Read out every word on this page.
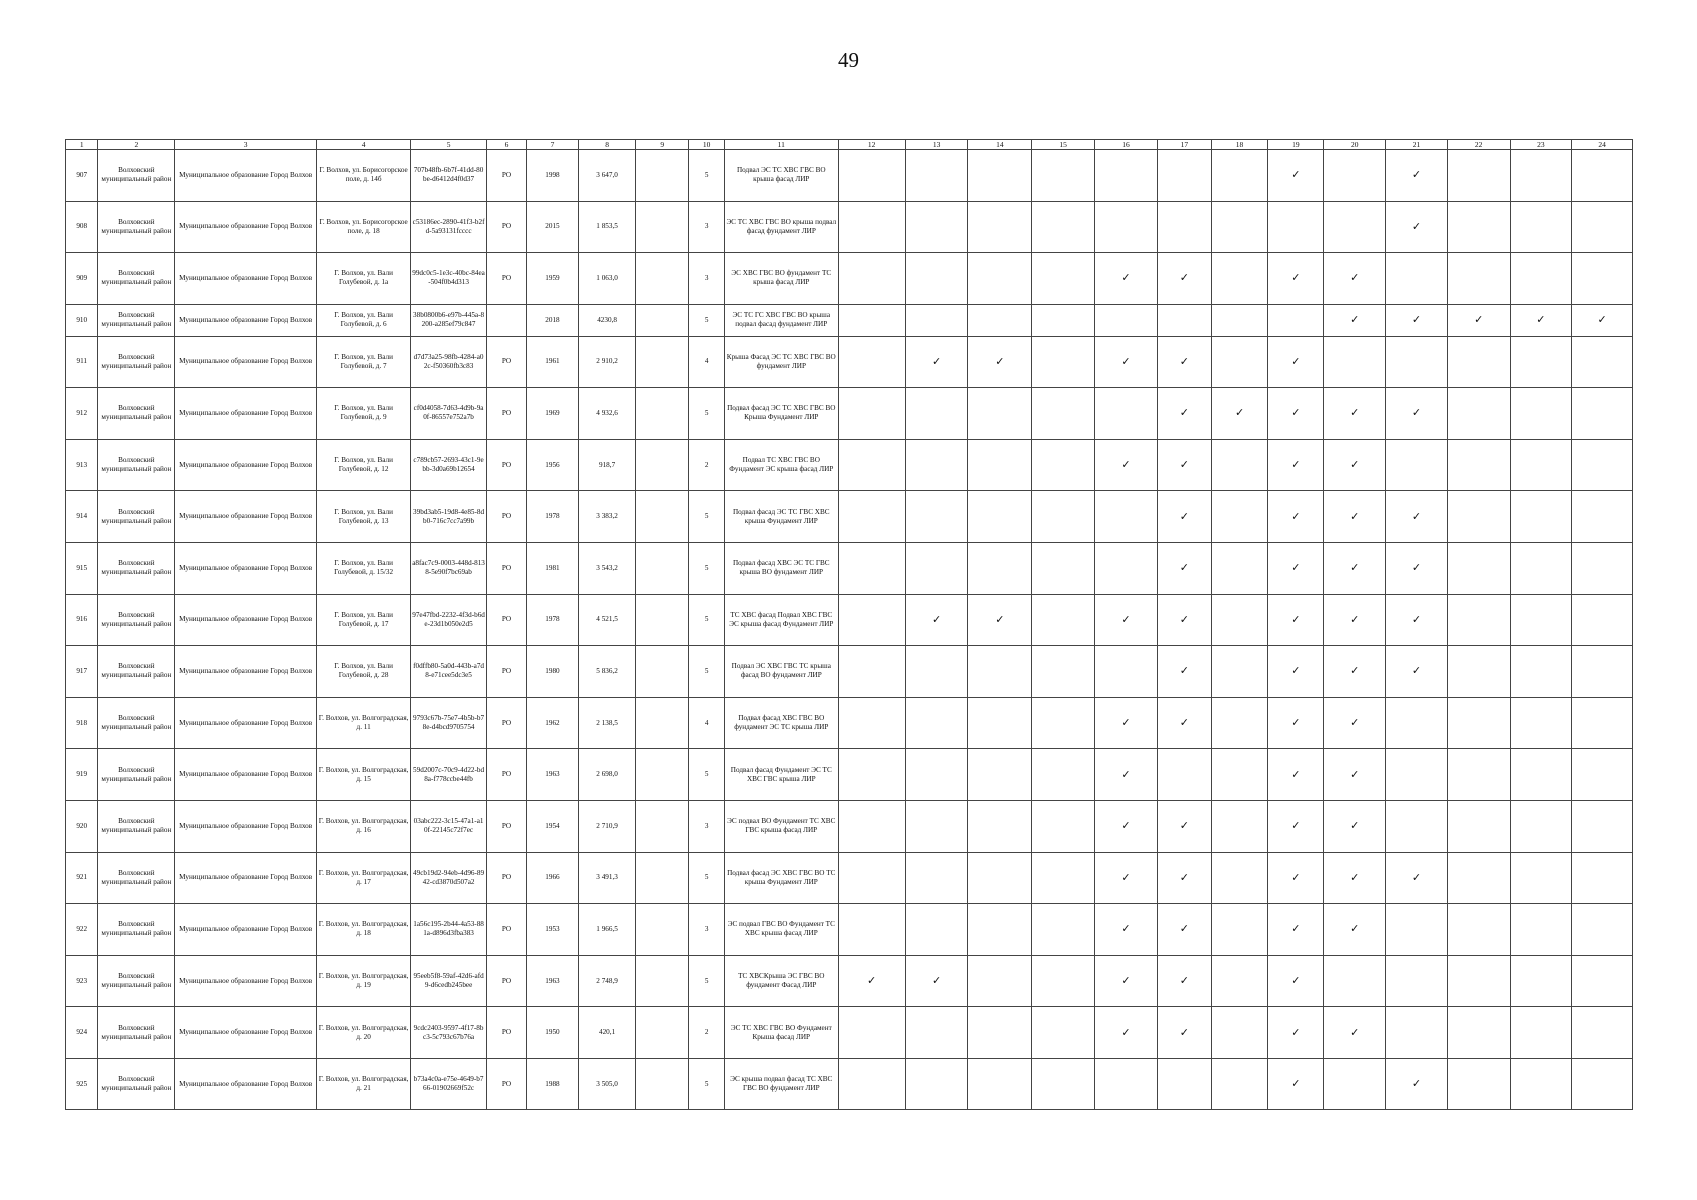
49
1	2	3	4	5	6	7	8	9	10	11	12	13	14	15	16	17	18	19	20	21	22	23	24
907	Волховский муниципальный район	Муниципальное образование Город Волхов	Г. Волхов, ул. Борисогорское поле, д. 14б	707b48fb-6b7f-41dd-80be-d6412d4f0d37	РО	1998	3 647,0		5	Подвал ЭС ТС ХВС ГВС ВО крыша фасад ЛИР								✓		✓			
908	Волховский муниципальный район	Муниципальное образование Город Волхов	Г. Волхов, ул. Борисогорское поле, д. 18	c53186ec-2890-41f3-b2fd-5a93131fcccc	РО	2015	1 853,5		3	ЭС ТС ХВС ГВС ВО крыша подвал фасад фундамент ЛИР										✓			
909	Волховский муниципальный район	Муниципальное образование Город Волхов	Г. Волхов, ул. Вали Голубевой, д. 1а	99dc0c5-1e3c-40bc-84ea-504f0b4d313	РО	1959	1 063,0		3	ЭС ХВС ГВС ВО фундамент ТС крыша фасад ЛИР					✓	✓		✓	✓				
910	Волховский муниципальный район	Муниципальное образование Город Волхов	Г. Волхов, ул. Вали Голубевой, д. 6	38b0800b6-e97b-445a-8200-a285ef79c847		2018	4230,8		5	ЭС ТС ГС ХВС ГВС ВО крыша подвал фасад фундамент ЛИР									✓	✓	✓	✓	✓
911	Волховский муниципальный район	Муниципальное образование Город Волхов	Г. Волхов, ул. Вали Голубевой, д. 7	d7d73a25-98fb-4284-a02c-f50360fb3c83	РО	1961	2 910,2		4	Крыша Фасад ЭС ТС ХВС ГВС ВО фундамент ЛИР		✓	✓		✓	✓		✓					
912	Волховский муниципальный район	Муниципальное образование Город Волхов	Г. Волхов, ул. Вали Голубевой, д. 9	cf0d4058-7d63-4d9b-9a0f-86557e752a7b	РО	1969	4 932,6		5	Подвал фасад ЭС ТС ХВС ГВС ВО Крыша Фундамент ЛИР						✓	✓	✓	✓	✓			
913	Волховский муниципальный район	Муниципальное образование Город Волхов	Г. Волхов, ул. Вали Голубевой, д. 12	c789cb57-2693-43c1-9ebb-3d0a69b12654	РО	1956	918,7		2	Подвал ТС ХВС ГВС ВО Фундамент ЭС крыша фасад ЛИР					✓	✓		✓	✓				
914	Волховский муниципальный район	Муниципальное образование Город Волхов	Г. Волхов, ул. Вали Голубевой, д. 13	39bd3ab5-19d8-4e85-8db0-716c7cc7a99b	РО	1978	3 383,2		5	Подвал фасад ЭС ТС ГВС ХВС крыша Фундамент ЛИР						✓		✓	✓	✓			
915	Волховский муниципальный район	Муниципальное образование Город Волхов	Г. Волхов, ул. Вали Голубевой, д. 15/32	a8fac7c9-0003-448d-8138-5e90f7bc69ab	РО	1981	3 543,2		5	Подвал фасад ХВС ЭС ТС ГВС крыша ВО фундамент ЛИР						✓		✓	✓	✓			
916	Волховский муниципальный район	Муниципальное образование Город Волхов	Г. Волхов, ул. Вали Голубевой, д. 17	97e47fbd-2232-4f3d-b6de-23d1b050e2d5	РО	1978	4 521,5		5	ТС ХВС фасад Подвал ХВС ГВС ЭС крыша фасад Фундамент ЛИР		✓	✓		✓	✓		✓	✓	✓			
917	Волховский муниципальный район	Муниципальное образование Город Волхов	Г. Волхов, ул. Вали Голубевой, д. 28	f0dffb80-5a0d-443b-a7d8-e71cee5dc3e5	РО	1980	5 836,2		5	Подвал ЭС ХВС ГВС ТС крыша фасад ВО фундамент ЛИР						✓		✓	✓	✓			
918	Волховский муниципальный район	Муниципальное образование Город Волхов	Г. Волхов, ул. Волгоградская, д. 11	9793c67b-75e7-4b5b-b78e-d4bcd9705754	РО	1962	2 138,5		4	Подвал фасад ХВС ГВС ВО фундамент ЭС ТС крыша ЛИР					✓	✓		✓	✓				
919	Волховский муниципальный район	Муниципальное образование Город Волхов	Г. Волхов, ул. Волгоградская, д. 15	59d2007c-70c9-4d22-bd8a-f778ccbe44fb	РО	1963	2 698,0		5	Подвал фасад Фундамент ЭС ТС ХВС ГВС крыша ЛИР					✓			✓	✓				
920	Волховский муниципальный район	Муниципальное образование Город Волхов	Г. Волхов, ул. Волгоградская, д. 16	03abc222-3c15-47a1-a10f-22145c72f7ec	РО	1954	2 710,9		3	ЭС подвал ВО Фундамент ТС ХВС ГВС крыша фасад ЛИР					✓	✓		✓	✓				
921	Волховский муниципальный район	Муниципальное образование Город Волхов	Г. Волхов, ул. Волгоградская, д. 17	49cb19d2-94eb-4d96-8942-cd3870d507a2	РО	1966	3 491,3		5	Подвал фасад ЭС ХВС ГВС ВО ТС крыша Фундамент ЛИР					✓	✓		✓	✓	✓			
922	Волховский муниципальный район	Муниципальное образование Город Волхов	Г. Волхов, ул. Волгоградская, д. 18	1a56c195-2b44-4a53-881a-d896d3fba383	РО	1953	1 966,5		3	ЭС подвал ГВС ВО Фундамент ТС ХВС крыша фасад ЛИР					✓	✓		✓	✓				
923	Волховский муниципальный район	Муниципальное образование Город Волхов	Г. Волхов, ул. Волгоградская, д. 19	95eeb5f8-59af-42d6-afd9-d6cedb245bee	РО	1963	2 748,9		5	ТС ХВСКрыша ЭС ГВС ВО фундамент Фасад ЛИР	✓	✓			✓	✓		✓					
924	Волховский муниципальный район	Муниципальное образование Город Волхов	Г. Волхов, ул. Волгоградская, д. 20	9cdc2403-9597-4f17-8bc3-5c793c67b76a	РО	1950	420,1		2	ЭС ТС ХВС ГВС ВО Фундамент Крыша фасад ЛИР					✓	✓		✓	✓				
925	Волховский муниципальный район	Муниципальное образование Город Волхов	Г. Волхов, ул. Волгоградская, д. 21	b73a4c0a-e75e-4649-b766-01902669f52c	РО	1988	3 505,0		5	ЭС крыша подвал фасад ТС ХВС ГВС ВО фундамент ЛИР								✓		✓			
